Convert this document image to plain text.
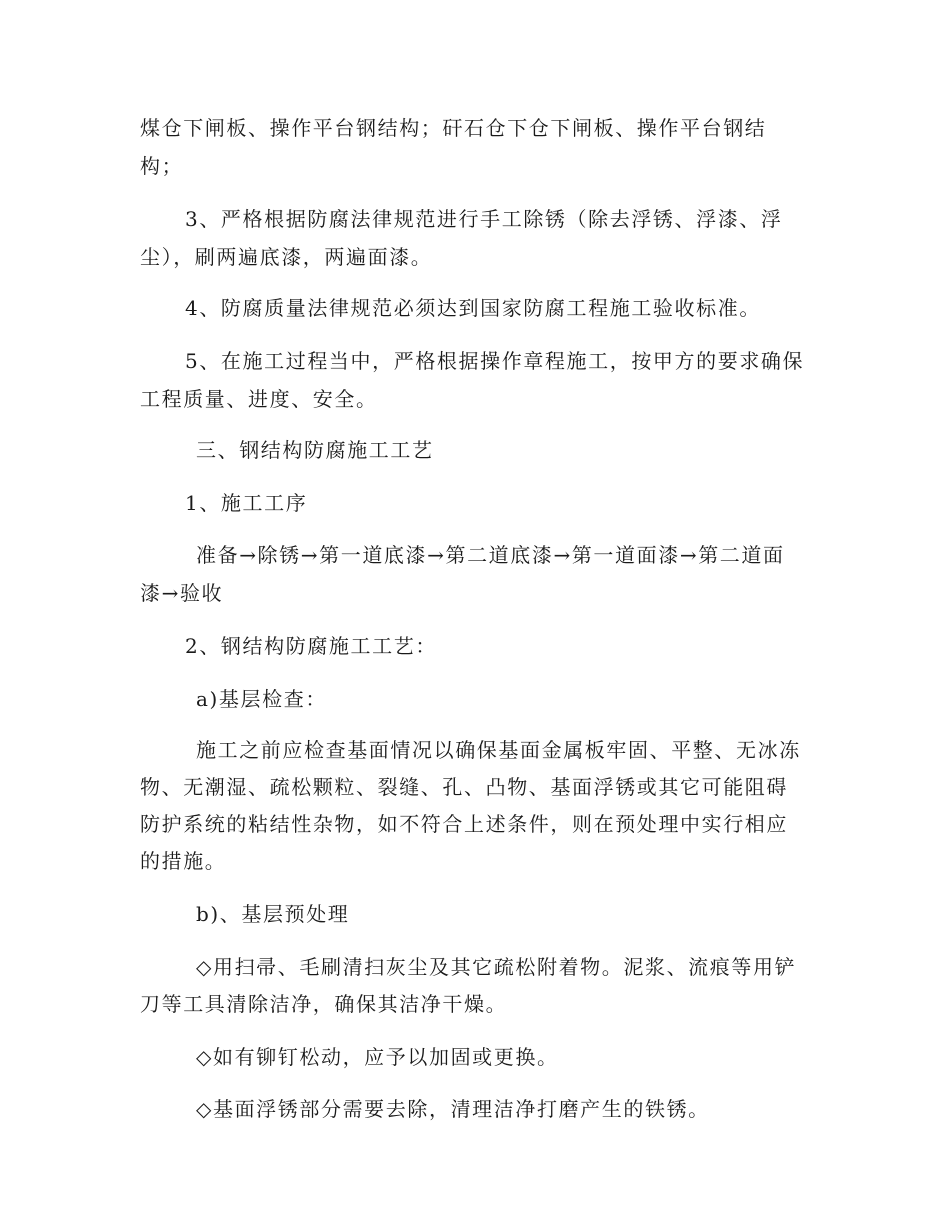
煤仓下闸板、操作平台钢结构；矸石仓下仓下闸板、操作平台钢结
构；
3、严格根据防腐法律规范进行手工除锈（除去浮锈、浮漆、浮
尘），刷两遍底漆，两遍面漆。
4、防腐质量法律规范必须达到国家防腐工程施工验收标准。
5、在施工过程当中，严格根据操作章程施工，按甲方的要求确保
工程质量、进度、安全。
三、钢结构防腐施工工艺
1、施工工序
准备→除锈→第一道底漆→第二道底漆→第一道面漆→第二道面
漆→验收
2、钢结构防腐施工工艺：
a)基层检查：
施工之前应检查基面情况以确保基面金属板牢固、平整、无冰冻
物、无潮湿、疏松颗粒、裂缝、孔、凸物、基面浮锈或其它可能阻碍
防护系统的粘结性杂物，如不符合上述条件，则在预处理中实行相应
的措施。
b)、基层预处理
◇用扫帚、毛刷清扫灰尘及其它疏松附着物。泥浆、流痕等用铲
刀等工具清除洁净，确保其洁净干燥。
◇如有铆钉松动，应予以加固或更换。
◇基面浮锈部分需要去除，清理洁净打磨产生的铁锈。
